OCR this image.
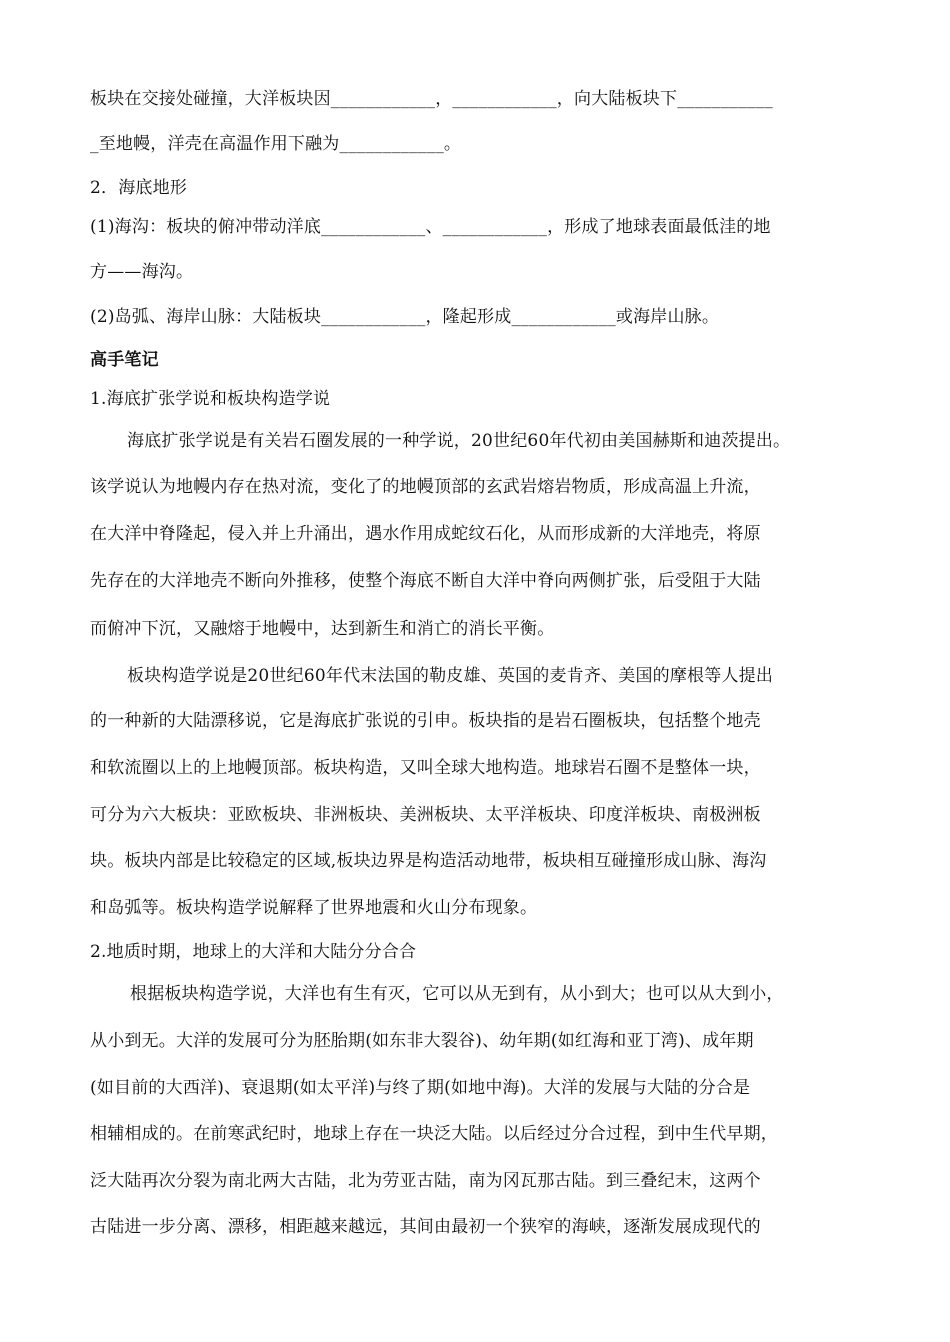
板块在交接处碰撞，大洋板块因____________，____________，向大陆板块下___________
_至地幔，洋壳在高温作用下融为____________。
2．海底地形
(1)海沟：板块的俯冲带动洋底____________、____________，形成了地球表面最低洼的地
方——海沟。
(2)岛弧、海岸山脉：大陆板块____________，隆起形成____________或海岸山脉。
高手笔记
1.海底扩张学说和板块构造学说
海底扩张学说是有关岩石圈发展的一种学说，20世纪60年代初由美国赫斯和迪茨提出。
该学说认为地幔内存在热对流，变化了的地幔顶部的玄武岩熔岩物质，形成高温上升流，
在大洋中脊隆起，侵入并上升涌出，遇水作用成蛇纹石化，从而形成新的大洋地壳，将原
先存在的大洋地壳不断向外推移，使整个海底不断自大洋中脊向两侧扩张，后受阻于大陆
而俯冲下沉，又融熔于地幔中，达到新生和消亡的消长平衡。
板块构造学说是20世纪60年代末法国的勒皮雄、英国的麦肯齐、美国的摩根等人提出
的一种新的大陆漂移说，它是海底扩张说的引申。板块指的是岩石圈板块，包括整个地壳
和软流圈以上的上地幔顶部。板块构造，又叫全球大地构造。地球岩石圈不是整体一块，
可分为六大板块：亚欧板块、非洲板块、美洲板块、太平洋板块、印度洋板块、南极洲板
块。板块内部是比较稳定的区域,板块边界是构造活动地带，板块相互碰撞形成山脉、海沟
和岛弧等。板块构造学说解释了世界地震和火山分布现象。
2.地质时期，地球上的大洋和大陆分分合合
根据板块构造学说，大洋也有生有灭，它可以从无到有，从小到大；也可以从大到小，
从小到无。大洋的发展可分为胚胎期(如东非大裂谷)、幼年期(如红海和亚丁湾)、成年期
(如目前的大西洋)、衰退期(如太平洋)与终了期(如地中海)。大洋的发展与大陆的分合是
相辅相成的。在前寒武纪时，地球上存在一块泛大陆。以后经过分合过程，到中生代早期，
泛大陆再次分裂为南北两大古陆，北为劳亚古陆，南为冈瓦那古陆。到三叠纪末，这两个
古陆进一步分离、漂移，相距越来越远，其间由最初一个狭窄的海峡，逐渐发展成现代的
